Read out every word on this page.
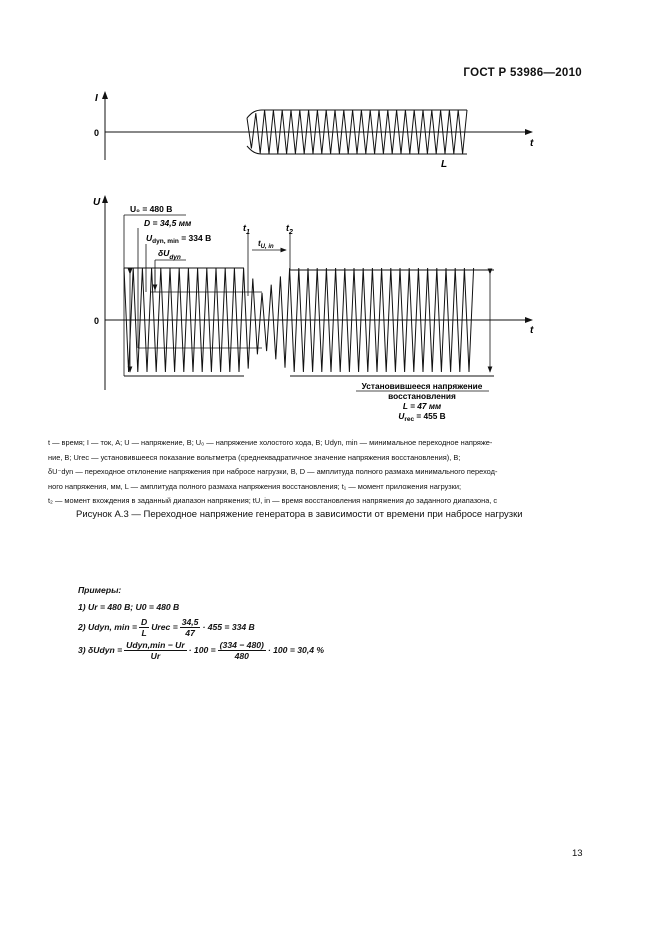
ГОСТ Р 53986—2010
I
0
t
L
U
0
t
$t_1$	$t_2$
$t_{U, in}$
U₀ = 480 В
D = 34,5 мм
$U_{dyn, min} = 334$ В
$\delta U_{dyn}$
Установившееся напряжение
восстановления
L = 47 мм
$U_{rec} = 455$ В

t — время; I — ток, А; U — напряжение, В; U₀ — напряжение холостого хода, В; Udyn, min — минимальное переходное напряже-

ние, В; Urec — установившееся показание вольтметра (среднеквадратичное значение напряжения восстановления), В;

δU⁻dyn — переходное отклонение напряжения при набросе нагрузки, В, D — амплитуда полного размаха минимального переход-

ного напряжения, мм, L — амплитуда полного размаха напряжения восстановления; t₁ — момент приложения нагрузки;

t₂ — момент вхождения в заданный диапазон напряжения; tU, in — время восстановления напряжения до заданного диапазона, с

Рисунок А.3 — Переходное напряжение генератора в зависимости от времени при набросе нагрузки
Примеры:
1) Ur = 480 В; U0 = 480 В
2) Udyn, $\min = \frac{D}{L}$ Urec = $\frac{34,5}{47} \cdot 455 = 334$ В
3) δUdyn = $\frac{\text{Udyn,min − Ur}}{Ur} \cdot 100 = \frac{(334 - 480)}{480} \cdot 100 = 30,4$ %
13
